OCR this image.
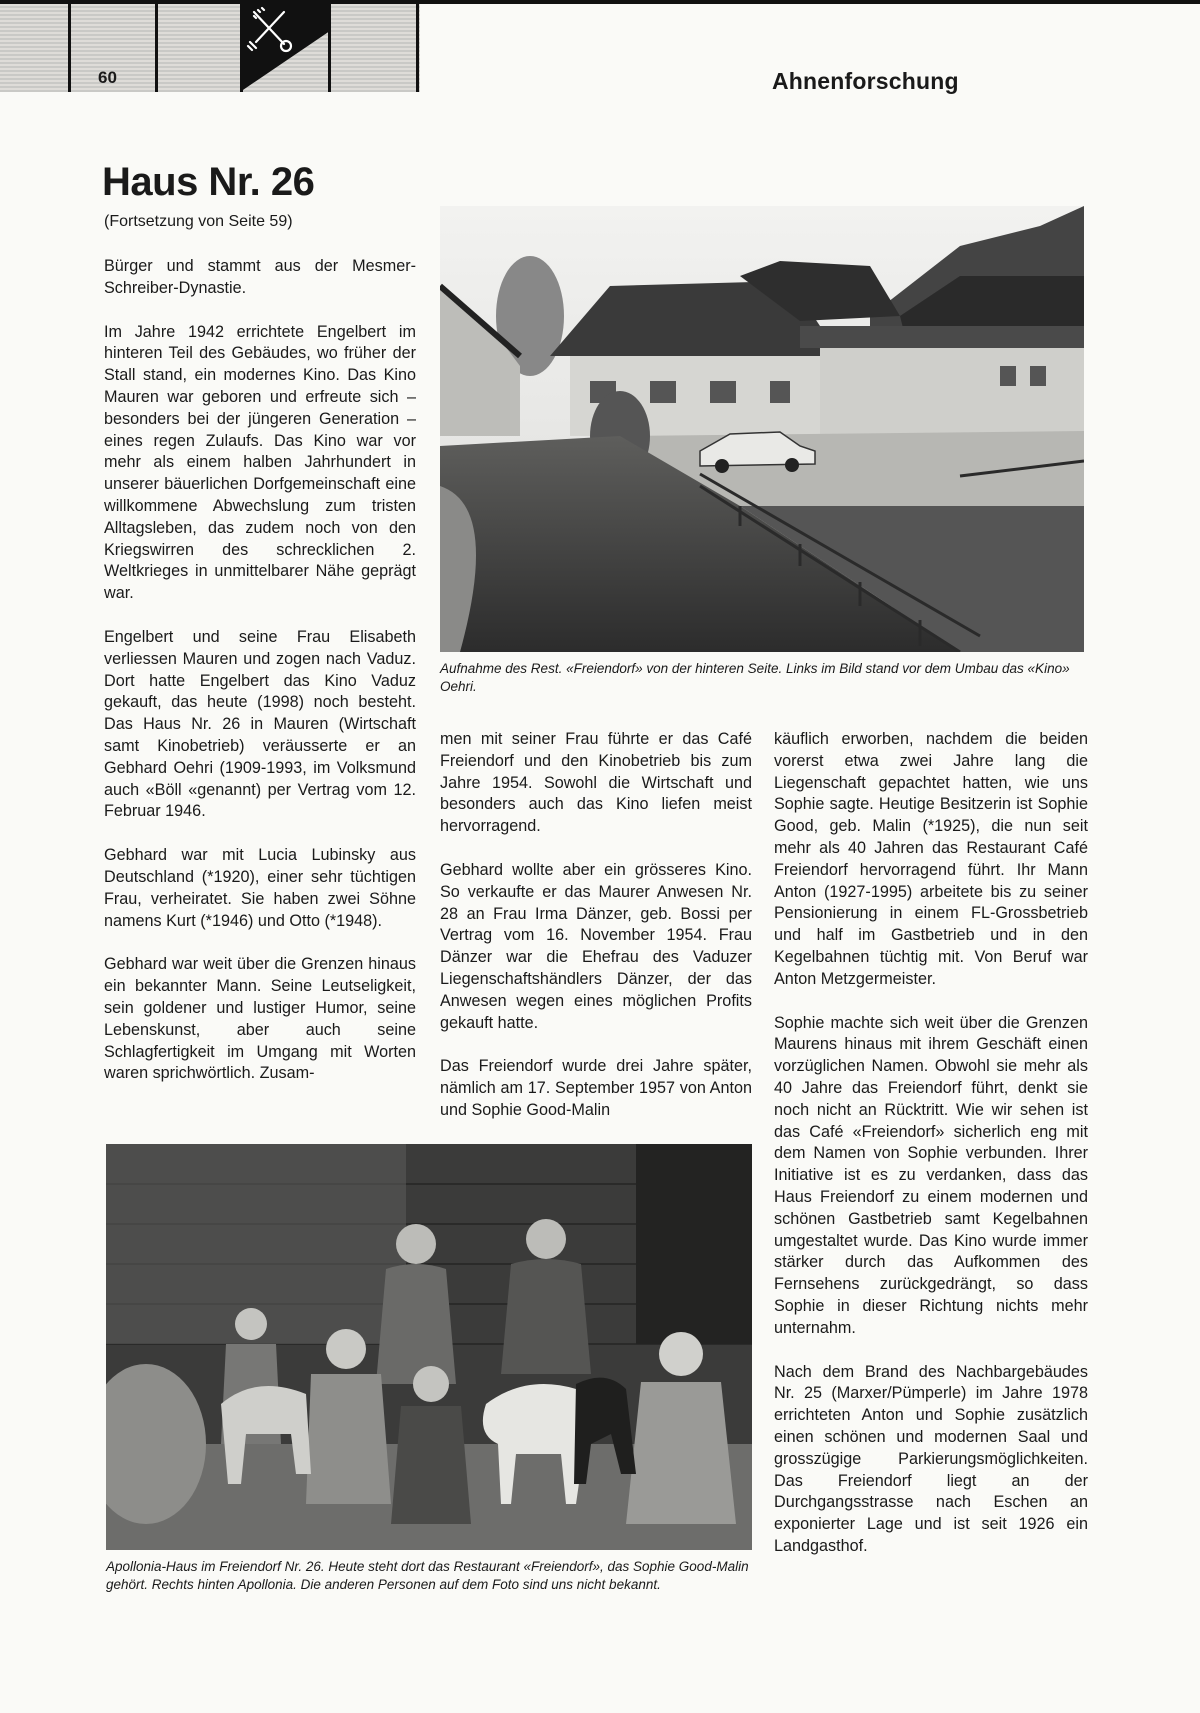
60	Ahnenforschung
Haus Nr. 26
(Fortsetzung von Seite 59)

Bürger und stammt aus der Mesmer-Schreiber-Dynastie.

Im Jahre 1942 errichtete Engelbert im hinteren Teil des Gebäudes, wo früher der Stall stand, ein modernes Kino. Das Kino Mauren war geboren und erfreute sich – besonders bei der jüngeren Generation – eines regen Zulaufs. Das Kino war vor mehr als einem halben Jahrhundert in unserer bäuerlichen Dorfgemeinschaft eine willkommene Abwechslung zum tristen Alltagsleben, das zudem noch von den Kriegswirren des schrecklichen 2. Weltkrieges in unmittelbarer Nähe geprägt war.

Engelbert und seine Frau Elisabeth verliessen Mauren und zogen nach Vaduz. Dort hatte Engelbert das Kino Vaduz gekauft, das heute (1998) noch besteht. Das Haus Nr. 26 in Mauren (Wirtschaft samt Kinobetrieb) veräusserte er an Gebhard Oehri (1909-1993, im Volksmund auch «Böll «genannt) per Vertrag vom 12. Februar 1946.

Gebhard war mit Lucia Lubinsky aus Deutschland (*1920), einer sehr tüchtigen Frau, verheiratet. Sie haben zwei Söhne namens Kurt (*1946) und Otto (*1948).

Gebhard war weit über die Grenzen hinaus ein bekannter Mann. Seine Leutseligkeit, sein goldener und lustiger Humor, seine Lebenskunst, aber auch seine Schlagfertigkeit im Umgang mit Worten waren sprichwörtlich. Zusam-

Aufnahme des Rest. «Freiendorf» von der hinteren Seite. Links im Bild stand vor dem Umbau das «Kino» Oehri.

men mit seiner Frau führte er das Café Freiendorf und den Kinobetrieb bis zum Jahre 1954. Sowohl die Wirtschaft und besonders auch das Kino liefen meist hervorragend.

Gebhard wollte aber ein grösseres Kino. So verkaufte er das Maurer Anwesen Nr. 28 an Frau Irma Dänzer, geb. Bossi per Vertrag vom 16. November 1954. Frau Dänzer war die Ehefrau des Vaduzer Liegenschaftshändlers Dänzer, der das Anwesen wegen eines möglichen Profits gekauft hatte.

Das Freiendorf wurde drei Jahre später, nämlich am 17. September 1957 von Anton und Sophie Good-Malin

käuflich erworben, nachdem die beiden vorerst etwa zwei Jahre lang die Liegenschaft gepachtet hatten, wie uns Sophie sagte. Heutige Besitzerin ist Sophie Good, geb. Malin (*1925), die nun seit mehr als 40 Jahren das Restaurant Café Freiendorf hervorragend führt. Ihr Mann Anton (1927-1995) arbeitete bis zu seiner Pensionierung in einem FL-Grossbetrieb und half im Gastbetrieb und in den Kegelbahnen tüchtig mit. Von Beruf war Anton Metzgermeister.

Sophie machte sich weit über die Grenzen Maurens hinaus mit ihrem Geschäft einen vorzüglichen Namen. Obwohl sie mehr als 40 Jahre das Freiendorf führt, denkt sie noch nicht an Rücktritt. Wie wir sehen ist das Café «Freiendorf» sicherlich eng mit dem Namen von Sophie verbunden. Ihrer Initiative ist es zu verdanken, dass das Haus Freiendorf zu einem modernen und schönen Gastbetrieb samt Kegelbahnen umgestaltet wurde. Das Kino wurde immer stärker durch das Aufkommen des Fernsehens zurückgedrängt, so dass Sophie in dieser Richtung nichts mehr unternahm.

Nach dem Brand des Nachbargebäudes Nr. 25 (Marxer/Pümperle) im Jahre 1978 errichteten Anton und Sophie zusätzlich einen schönen und modernen Saal und grosszügige Parkierungsmöglichkeiten. Das Freiendorf liegt an der Durchgangsstrasse nach Eschen an exponierter Lage und ist seit 1926 ein Landgasthof.

Apollonia-Haus im Freiendorf Nr. 26. Heute steht dort das Restaurant «Freiendorf», das Sophie Good-Malin gehört. Rechts hinten Apollonia. Die anderen Personen auf dem Foto sind uns nicht bekannt.
